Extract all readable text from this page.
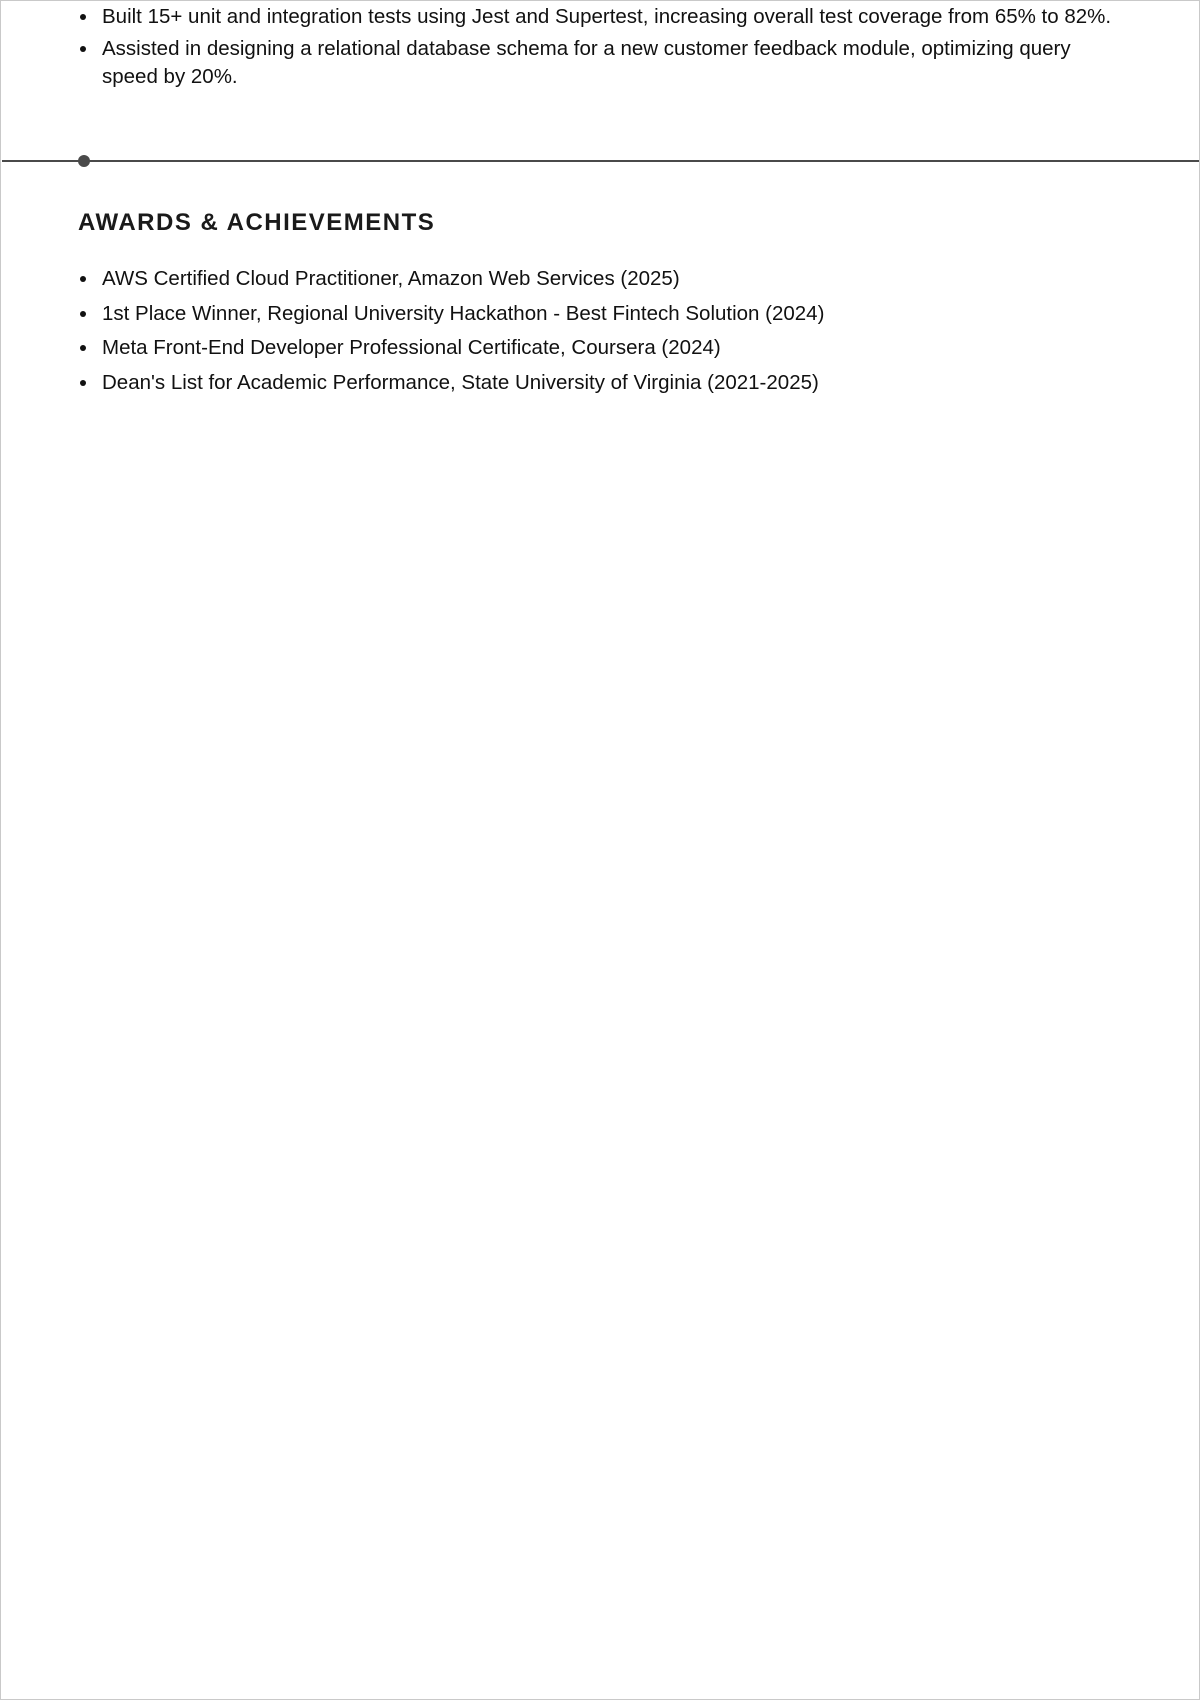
Built 15+ unit and integration tests using Jest and Supertest, increasing overall test coverage from 65% to 82%.
Assisted in designing a relational database schema for a new customer feedback module, optimizing query speed by 20%.
AWARDS & ACHIEVEMENTS
AWS Certified Cloud Practitioner, Amazon Web Services (2025)
1st Place Winner, Regional University Hackathon - Best Fintech Solution (2024)
Meta Front-End Developer Professional Certificate, Coursera (2024)
Dean's List for Academic Performance, State University of Virginia (2021-2025)
